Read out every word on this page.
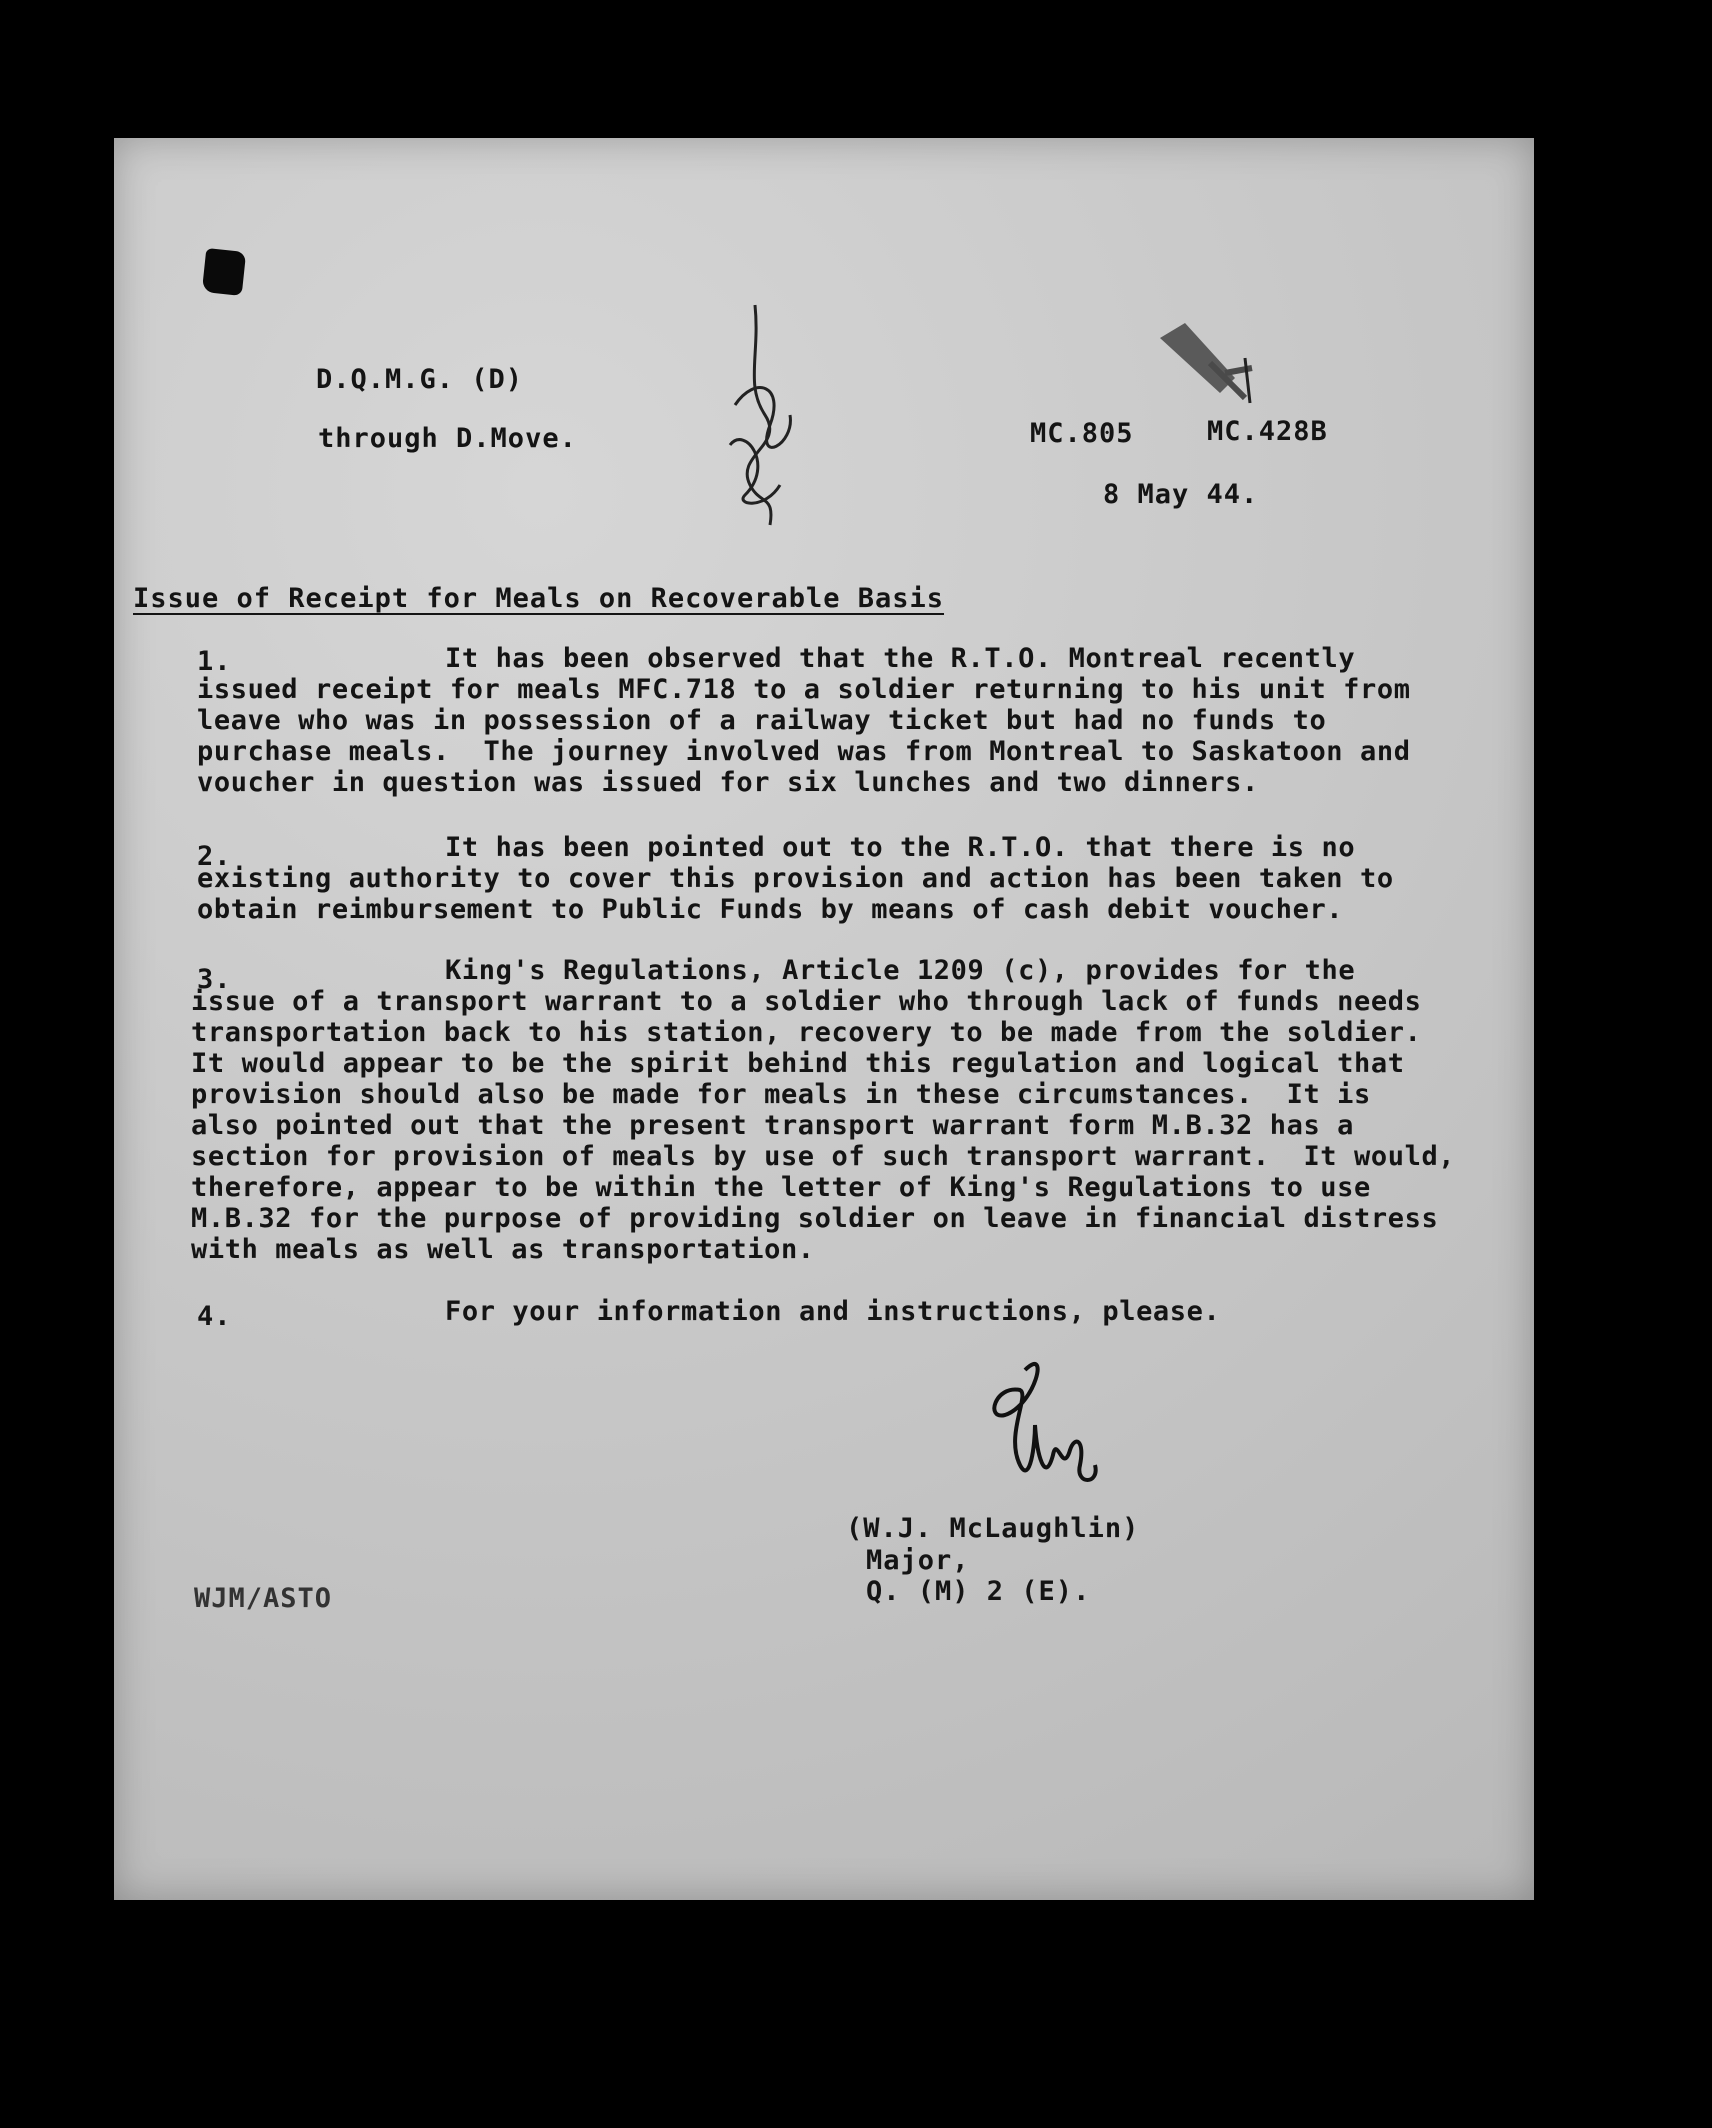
D.Q.M.G. (D)
through D.Move.	MC.805	MC.428B
8 May 44.
Issue of Receipt for Meals on Recoverable Basis
1.	It has been observed that the R.T.O. Montreal recently
issued receipt for meals MFC.718 to a soldier returning to his unit from
leave who was in possession of a railway ticket but had no funds to
purchase meals.  The journey involved was from Montreal to Saskatoon and
voucher in question was issued for six lunches and two dinners.
2.	It has been pointed out to the R.T.O. that there is no
existing authority to cover this provision and action has been taken to
obtain reimbursement to Public Funds by means of cash debit voucher.
3.	King's Regulations, Article 1209 (c), provides for the
issue of a transport warrant to a soldier who through lack of funds needs
transportation back to his station, recovery to be made from the soldier.
It would appear to be the spirit behind this regulation and logical that
provision should also be made for meals in these circumstances.  It is
also pointed out that the present transport warrant form M.B.32 has a
section for provision of meals by use of such transport warrant.  It would,
therefore, appear to be within the letter of King's Regulations to use
M.B.32 for the purpose of providing soldier on leave in financial distress
with meals as well as transportation.
4.	For your information and instructions, please.
(W.J. McLaughlin)
Major,
Q. (M) 2 (E).
WJM/ASTO
